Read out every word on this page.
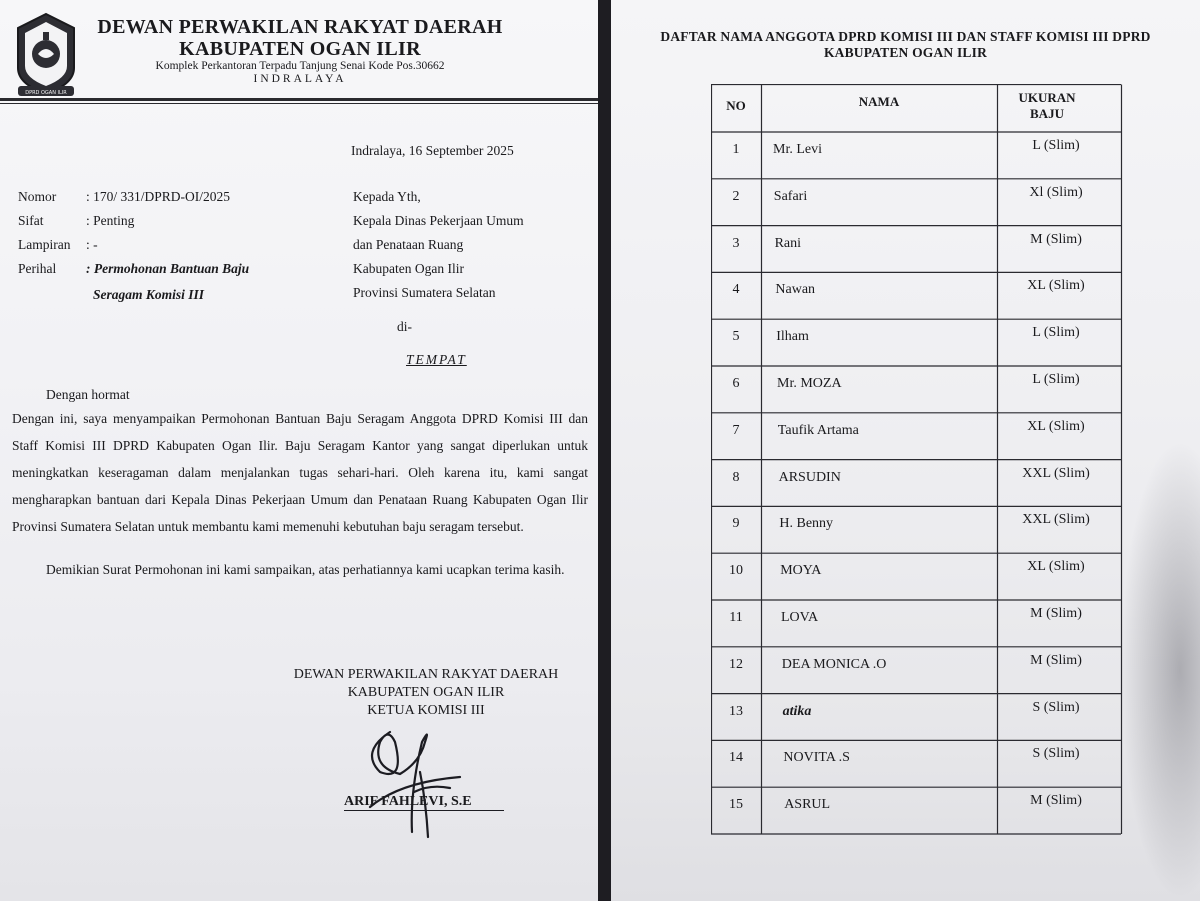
DPRD OGAN ILIR
DEWAN PERWAKILAN RAKYAT DAERAH
KABUPATEN OGAN ILIR
Komplek Perkantoran Terpadu Tanjung Senai Kode Pos.30662
INDRALAYA
Indralaya, 16 September 2025
Nomor : 170/ 331/DPRD-OI/2025
Sifat	: Penting
Lampiran : -
Perihal : Permohonan Bantuan Baju
Seragam Komisi III
Kepada Yth,
Kepala Dinas Pekerjaan Umum
dan Penataan Ruang
Kabupaten Ogan Ilir
Provinsi Sumatera Selatan
di-
TEMPAT
Dengan hormat
Dengan ini, saya menyampaikan Permohonan Bantuan Baju Seragam Anggota DPRD Komisi III dan Staff Komisi III DPRD Kabupaten Ogan Ilir. Baju Seragam Kantor yang sangat diperlukan untuk meningkatkan keseragaman dalam menjalankan tugas sehari-hari. Oleh karena itu, kami sangat mengharapkan bantuan dari Kepala Dinas Pekerjaan Umum dan Penataan Ruang Kabupaten Ogan Ilir Provinsi Sumatera Selatan untuk membantu kami memenuhi kebutuhan baju seragam tersebut.
Demikian Surat Permohonan ini kami sampaikan, atas perhatiannya kami ucapkan terima kasih.
DEWAN PERWAKILAN RAKYAT DAERAH
KABUPATEN OGAN ILIR
KETUA KOMISI III
ARIF FAHLEVI, S.E
DAFTAR NAMA ANGGOTA DPRD KOMISI III DAN STAFF KOMISI III DPRD
KABUPATEN OGAN ILIR
NO	NAMA	UKURAN
BAJU
1	Mr. Levi	L (Slim)
2	Safari	Xl (Slim)
3	Rani	M (Slim)
4	Nawan	XL (Slim)
5	Ilham	L (Slim)
6	Mr. MOZA	L (Slim)
7	Taufik Artama	XL (Slim)
8	ARSUDIN	XXL (Slim)
9	H. Benny	XXL (Slim)
10	MOYA	XL (Slim)
11	LOVA	M (Slim)
12	DEA MONICA .O	M (Slim)
13	atika	S (Slim)
14	NOVITA .S	S (Slim)
15	ASRUL	M (Slim)
